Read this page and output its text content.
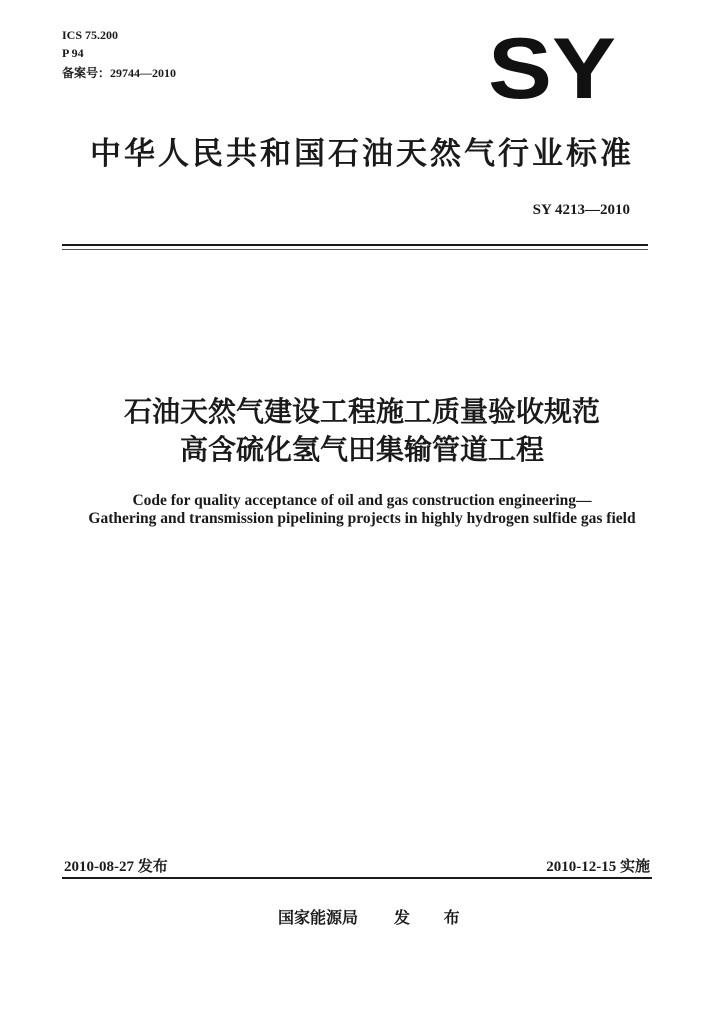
ICS 75.200
P 94
备案号：29744—2010	SY
中华人民共和国石油天然气行业标准
SY 4213—2010
石油天然气建设工程施工质量验收规范
高含硫化氢气田集输管道工程
Code for quality acceptance of oil and gas construction engineering—
Gathering and transmission pipelining projects in highly hydrogen sulfide gas field
2010-08-27 发布	2010-12-15 实施
国家能源局 发 布
